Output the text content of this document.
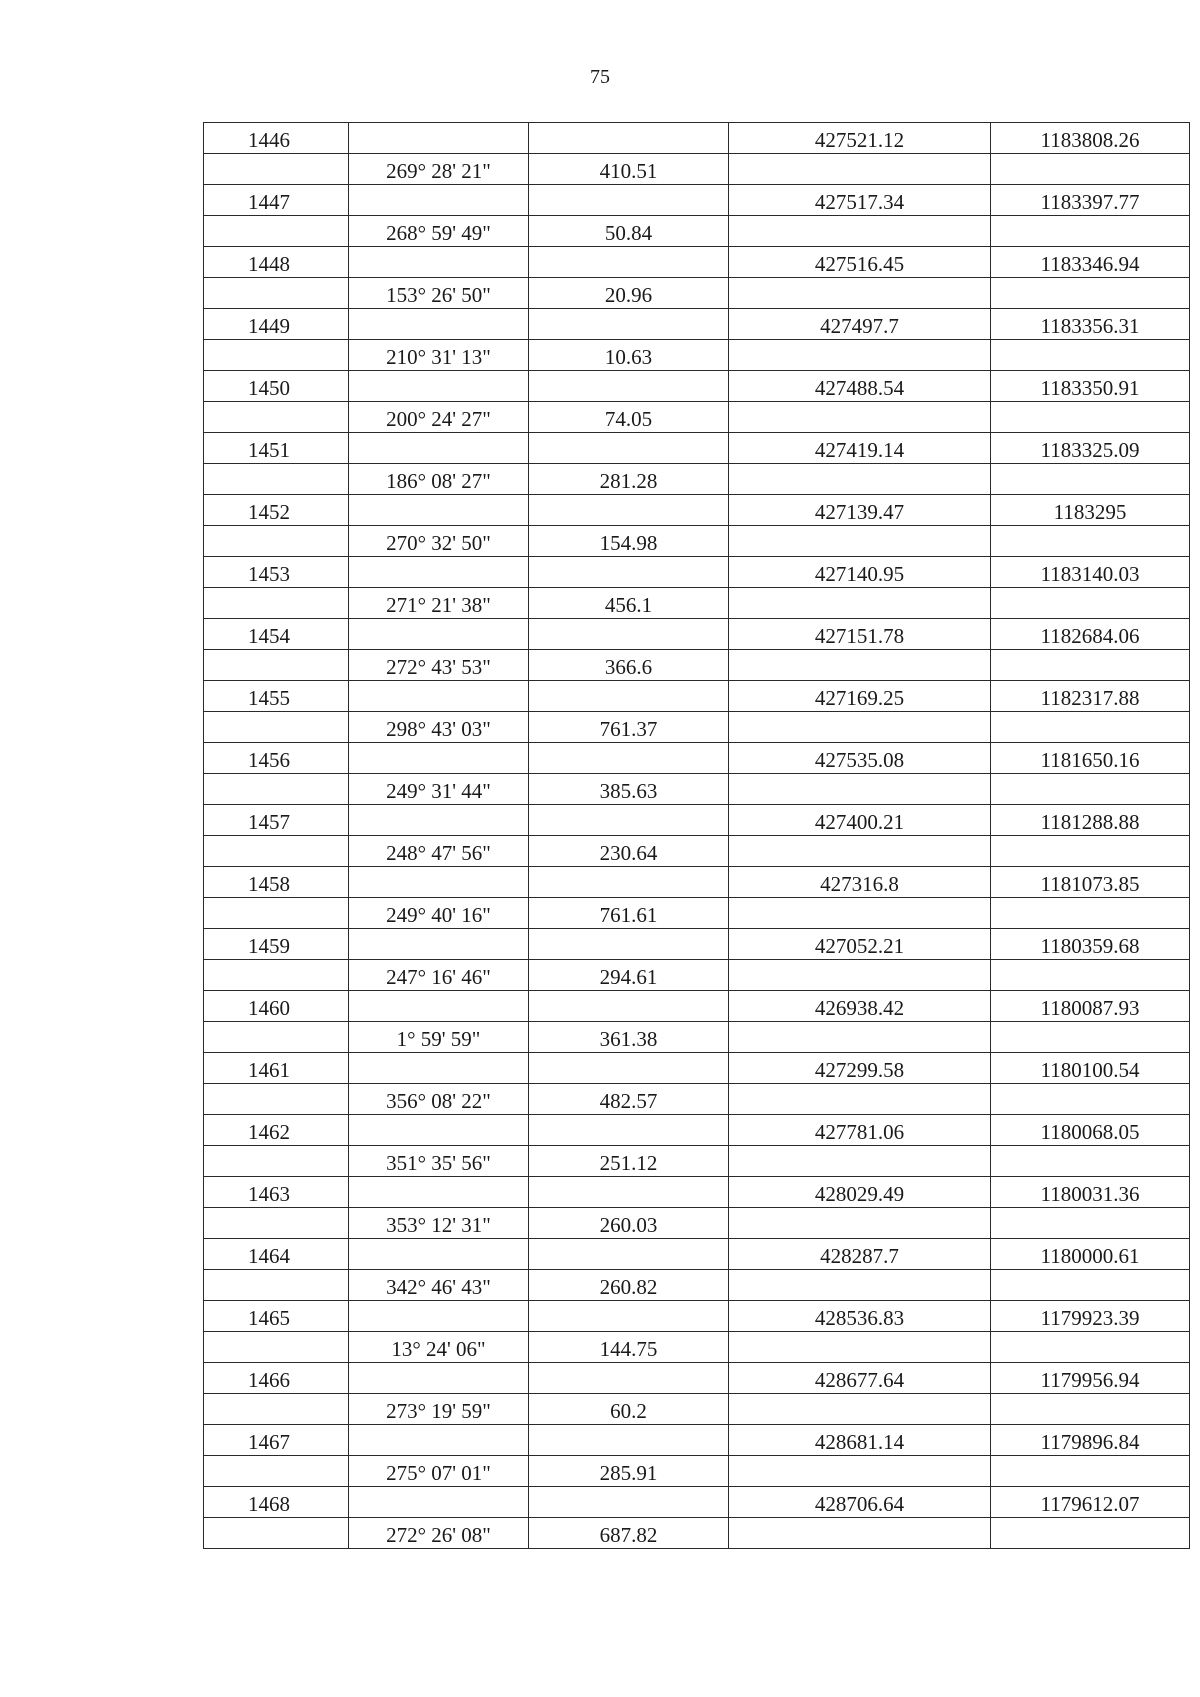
75
1446			427521.12	1183808.26
	269° 28' 21"	410.51		
1447			427517.34	1183397.77
	268° 59' 49"	50.84		
1448			427516.45	1183346.94
	153° 26' 50"	20.96		
1449			427497.7	1183356.31
	210° 31' 13"	10.63		
1450			427488.54	1183350.91
	200° 24' 27"	74.05		
1451			427419.14	1183325.09
	186° 08' 27"	281.28		
1452			427139.47	1183295
	270° 32' 50"	154.98		
1453			427140.95	1183140.03
	271° 21' 38"	456.1		
1454			427151.78	1182684.06
	272° 43' 53"	366.6		
1455			427169.25	1182317.88
	298° 43' 03"	761.37		
1456			427535.08	1181650.16
	249° 31' 44"	385.63		
1457			427400.21	1181288.88
	248° 47' 56"	230.64		
1458			427316.8	1181073.85
	249° 40' 16"	761.61		
1459			427052.21	1180359.68
	247° 16' 46"	294.61		
1460			426938.42	1180087.93
	1° 59' 59"	361.38		
1461			427299.58	1180100.54
	356° 08' 22"	482.57		
1462			427781.06	1180068.05
	351° 35' 56"	251.12		
1463			428029.49	1180031.36
	353° 12' 31"	260.03		
1464			428287.7	1180000.61
	342° 46' 43"	260.82		
1465			428536.83	1179923.39
	13° 24' 06"	144.75		
1466			428677.64	1179956.94
	273° 19' 59"	60.2		
1467			428681.14	1179896.84
	275° 07' 01"	285.91		
1468			428706.64	1179612.07
	272° 26' 08"	687.82		
